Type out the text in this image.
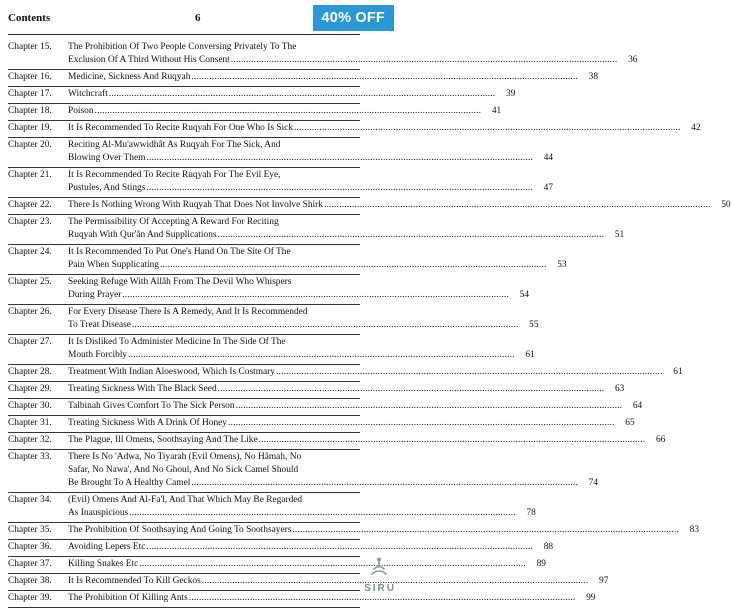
Contents	6	40% OFF
Chapter 15.	The Prohibition Of Two People Conversing Privately To The
Exclusion Of A Third Without His Consent .....	36
Chapter 16.	Medicine, Sickness And Ruqyah .....	38
Chapter 17.	Witchcraft .....	39
Chapter 18.	Poison .....	41
Chapter 19.	It Is Recommended To Recite Ruqyah For One Who Is Sick .....	42
Chapter 20.	Reciting Al-Mu'awwidhât As Ruqyah For The Sick, And
Blowing Over Them .....	44
Chapter 21.	It Is Recommended To Recite Ruqyah For The Evil Eye,
Pustules, And Stings .....	47
Chapter 22.	There Is Nothing Wrong With Ruqyah That Does Not Involve Shirk .....	50
Chapter 23.	The Permissibility Of Accepting A Reward For Reciting
Ruqyah With Qur'ân And Supplications .....	51
Chapter 24.	It Is Recommended To Put One's Hand On The Site Of The
Pain When Supplicating .....	53
Chapter 25.	Seeking Refuge With Allâh From The Devil Who Whispers
During Prayer .....	54
Chapter 26.	For Every Disease There Is A Remedy, And It Is Recommended
To Treat Disease .....	55
Chapter 27.	It Is Disliked To Administer Medicine In The Side Of The
Mouth Forcibly .....	61
Chapter 28.	Treatment With Indian Aloeswood, Which Is Costmary .....	61
Chapter 29.	Treating Sickness With The Black Seed .....	63
Chapter 30.	Talbinah Gives Comfort To The Sick Person .....	64
Chapter 31.	Treating Sickness With A Drink Of Honey .....	65
Chapter 32.	The Plague, Ill Omens, Soothsaying And The Like .....	66
Chapter 33.	There Is No 'Adwa, No Tiyarah (Evil Omens), No Hâmah, No
Safar, No Nawa', And No Ghoul, And No Sick Camel Should
Be Brought To A Healthy Camel .....	74
Chapter 34.	(Evil) Omens And Al-Fa'l, And That Which May Be Regarded
As Inauspicious .....	78
Chapter 35.	The Prohibition Of Soothsaying And Going To Soothsayers .....	83
Chapter 36.	Avoiding Lepers Etc .....	88
Chapter 37.	Killing Snakes Etc .....	89
Chapter 38.	It Is Recommended To Kill Geckos .....	97
Chapter 39.	The Prohibition Of Killing Ants .....	99
SIRU
